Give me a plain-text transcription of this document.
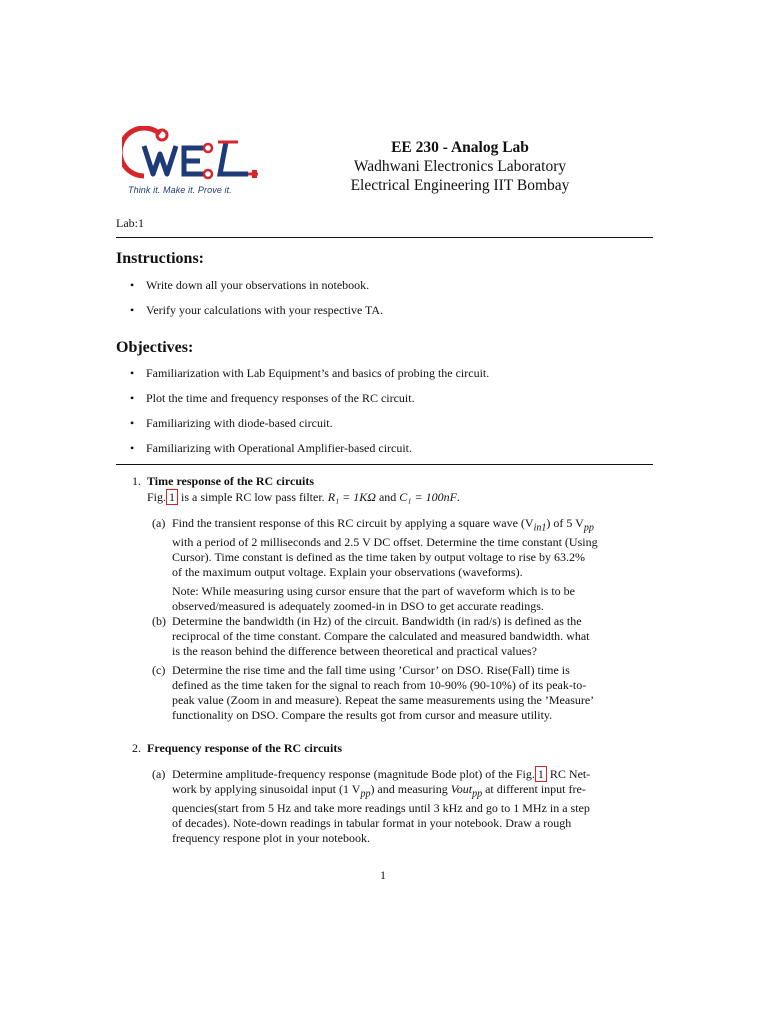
Think it. Make it. Prove it.
EE 230 - Analog Lab
Wadhwani Electronics Laboratory
Electrical Engineering IIT Bombay
Lab:1
Instructions:
• Write down all your observations in notebook.
• Verify your calculations with your respective TA.
Objectives:
• Familiarization with Lab Equipment’s and basics of probing the circuit.
• Plot the time and frequency responses of the RC circuit.
• Familiarizing with diode-based circuit.
• Familiarizing with Operational Amplifier-based circuit.
1. Time response of the RC circuits
Fig. 1 is a simple RC low pass filter. R₁ = 1KΩ and C₁ = 100nF.
(a) Find the transient response of this RC circuit by applying a square wave $(V_{in1})$ of 5 $V_{pp}$
with a period of 2 milliseconds and 2.5 V DC offset. Determine the time constant (Using
Cursor). Time constant is defined as the time taken by output voltage to rise by 63.2%
of the maximum output voltage. Explain your observations (waveforms).
Note: While measuring using cursor ensure that the part of waveform which is to be
observed/measured is adequately zoomed-in in DSO to get accurate readings.
(b) Determine the bandwidth (in Hz) of the circuit. Bandwidth (in rad/s) is defined as the
reciprocal of the time constant. Compare the calculated and measured bandwidth. what
is the reason behind the difference between theoretical and practical values?
(c) Determine the rise time and the fall time using ’Cursor’ on DSO. Rise(Fall) time is
defined as the time taken for the signal to reach from 10-90% (90-10%) of its peak-to-
peak value (Zoom in and measure). Repeat the same measurements using the ’Measure’
functionality on DSO. Compare the results got from cursor and measure utility.
2. Frequency response of the RC circuits
(a) Determine amplitude-frequency response (magnitude Bode plot) of the Fig. 1 RC Net-
work by applying sinusoidal input (1 $V_{pp}$) and measuring Vout$_{pp}$ at different input fre-
quencies(start from 5 Hz and take more readings until 3 kHz and go to 1 MHz in a step
of decades). Note-down readings in tabular format in your notebook. Draw a rough
frequency respone plot in your notebook.
1
